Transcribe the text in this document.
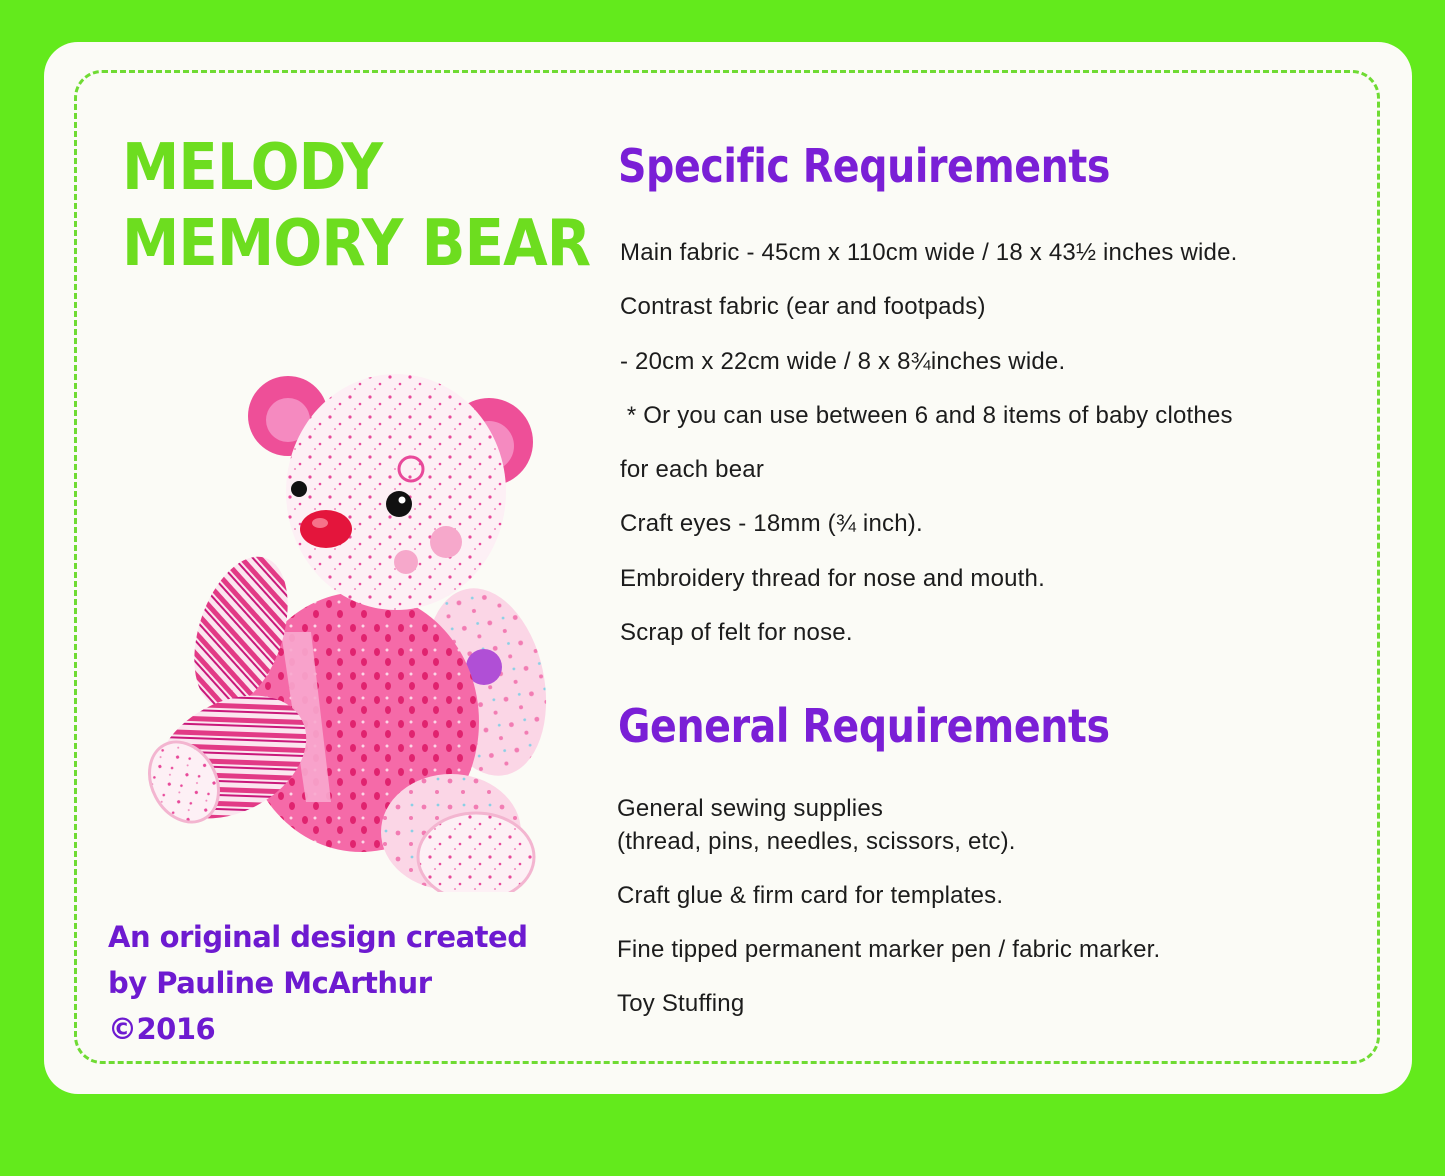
MELODY
MEMORY BEAR
An original design created
by Pauline McArthur
©2016
Specific Requirements
Main fabric - 45cm x 110cm wide / 18 x 43½ inches wide.
Contrast fabric (ear and footpads)
- 20cm x 22cm wide / 8 x 8¾inches wide.
* Or you can use between 6 and 8 items of baby clothes
for each bear
Craft eyes - 18mm (¾ inch).
Embroidery thread for nose and mouth.
Scrap of felt for nose.
General Requirements
General sewing supplies
(thread, pins, needles, scissors, etc).
Craft glue & firm card for templates.
Fine tipped permanent marker pen / fabric marker.
Toy Stuffing
